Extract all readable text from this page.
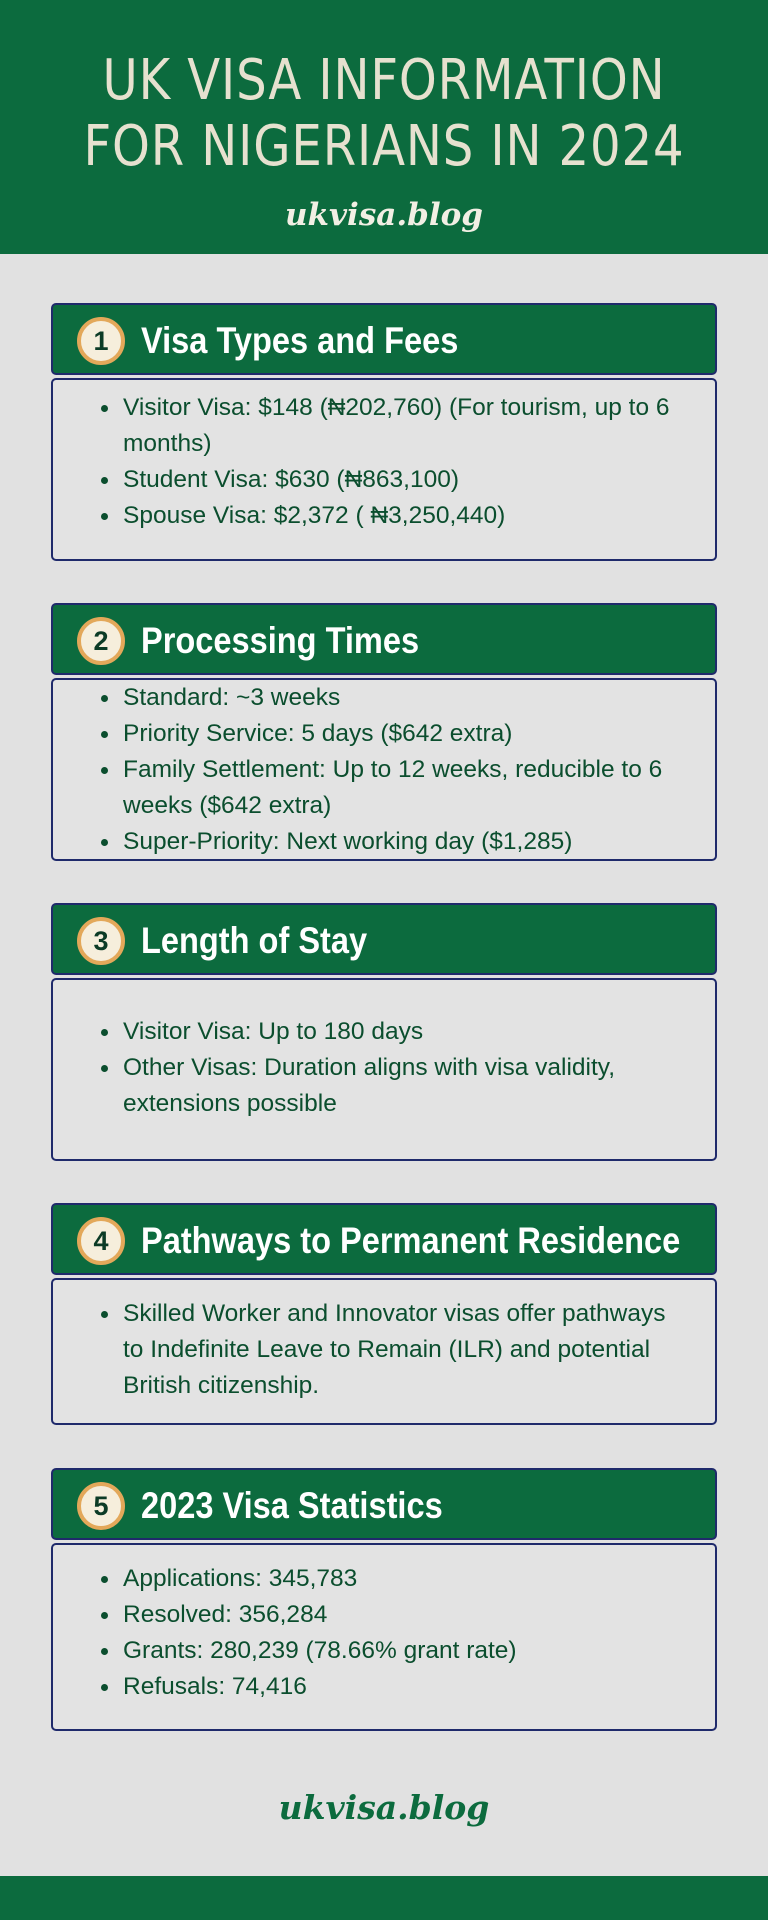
UK VISA INFORMATION
FOR NIGERIANS IN 2024
ukvisa.blog
1 Visa Types and Fees
Visitor Visa: $148 (₦202,760) (For tourism, up to 6 months)
Student Visa: $630 (₦863,100)
Spouse Visa: $2,372 ( ₦3,250,440)
2 Processing Times
Standard: ~3 weeks
Priority Service: 5 days ($642 extra)
Family Settlement: Up to 12 weeks, reducible to 6 weeks ($642 extra)
Super-Priority: Next working day ($1,285)
3 Length of Stay
Visitor Visa: Up to 180 days
Other Visas: Duration aligns with visa validity, extensions possible
4 Pathways to Permanent Residence
Skilled Worker and Innovator visas offer pathways to Indefinite Leave to Remain (ILR) and potential British citizenship.
5 2023 Visa Statistics
Applications: 345,783
Resolved: 356,284
Grants: 280,239 (78.66% grant rate)
Refusals: 74,416
ukvisa.blog
